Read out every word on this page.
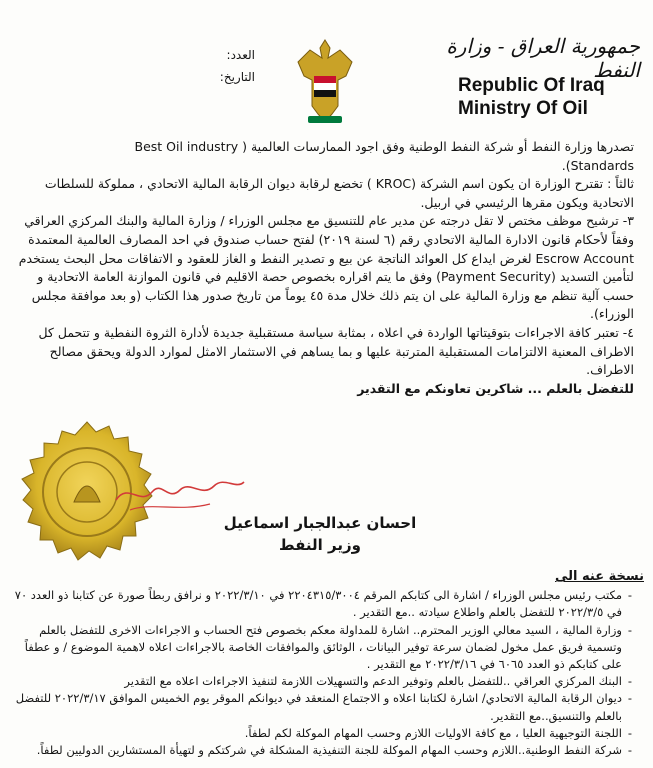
جمهورية العراق - وزارة النفط
Republic Of Iraq
Ministry Of Oil
العدد:
التاريخ:

تصدرها وزارة النفط أو شركة النفط الوطنية وفق اجود الممارسات العالمية ( Best Oil industry

Standards).

ثالثاً : تقترح الوزارة ان يكون اسم الشركة (KROC ) تخضع لرقابة ديوان الرقابة المالية الاتحادي ، مملوكة للسلطات الاتحادية ويكون مقرها الرئيسي في اربيل.

٣- ترشيح موظف مختص لا تقل درجته عن مدير عام للتنسيق مع مجلس الوزراء / وزارة المالية والبنك المركزي العراقي وفقاً لأحكام قانون الادارة المالية الاتحادي رقم (٦ لسنة ٢٠١٩) لفتح حساب صندوق في احد المصارف العالمية المعتمدة Escrow Account لغرض ايداع كل العوائد الناتجة عن بيع و تصدير النفط و الغاز للعقود و الاتفاقات محل البحث يستخدم لتأمين التسديد (Payment Security) وفق ما يتم اقراره بخصوص حصة الاقليم في قانون الموازنة العامة الاتحادية و حسب آلية تنظم مع وزارة المالية على ان يتم ذلك خلال مدة ٤٥ يوماً من تاريخ صدور هذا الكتاب (و بعد موافقة مجلس الوزراء).

٤- تعتبر كافة الاجراءات بتوقيتاتها الواردة في اعلاه ، بمثابة سياسة مستقبلية جديدة لأدارة الثروة النفطية و تتحمل كل الاطراف المعنية الالتزامات المستقبلية المترتبة عليها و بما يساهم في الاستثمار الامثل لموارد الدولة ويحقق مصالح الاطراف.

للتفضل بالعلم ... شاكرين تعاونكم مع التقدير

احسان عبدالجبار اسماعيل
وزير النفط
نسخة عنه الى
- مكتب رئيس مجلس الوزراء / اشارة الى كتابكم المرقم ٢٢٠٤٣١٥/٣٠٠٤ في ٢٠٢٢/٣/١٠ و نرافق ربطاً صورة عن كتابنا ذو العدد ٧٠ في ٢٠٢٢/٣/٥ للتفضل بالعلم واطلاع سيادته ..مع التقدير .
- وزارة المالية ، السيد معالي الوزير المحترم.. اشارة للمداولة معكم بخصوص فتح الحساب و الاجراءات الاخرى للتفضل بالعلم وتسمية فريق عمل مخول لضمان سرعة توفير البيانات ، الوثائق والموافقات الخاصة بالاجراءات اعلاه لاهمية الموضوع / و عطفاً على كتابكم ذو العدد ٦٠٦٥ في ٢٠٢٢/٣/١٦ مع التقدير .
- البنك المركزي العراقي ..للتفضل بالعلم وتوفير الدعم والتسهيلات اللازمة لتنفيذ الاجراءات اعلاه مع التقدير
- ديوان الرقابة المالية الاتحادي/ اشارة لكتابنا اعلاه و الاجتماع المنعقد في ديوانكم الموقر يوم الخميس الموافق ٢٠٢٢/٣/١٧ للتفضل بالعلم والتنسيق..مع التقدير.
- اللجنة التوجيهية العليا ، مع كافة الاوليات اللازم وحسب المهام الموكلة لكم لطفاً.
- شركة النفط الوطنية..اللازم وحسب المهام الموكلة للجنة التنفيذية المشكلة في شركتكم و لتهيأة المستشارين الدوليين لطفاً.
